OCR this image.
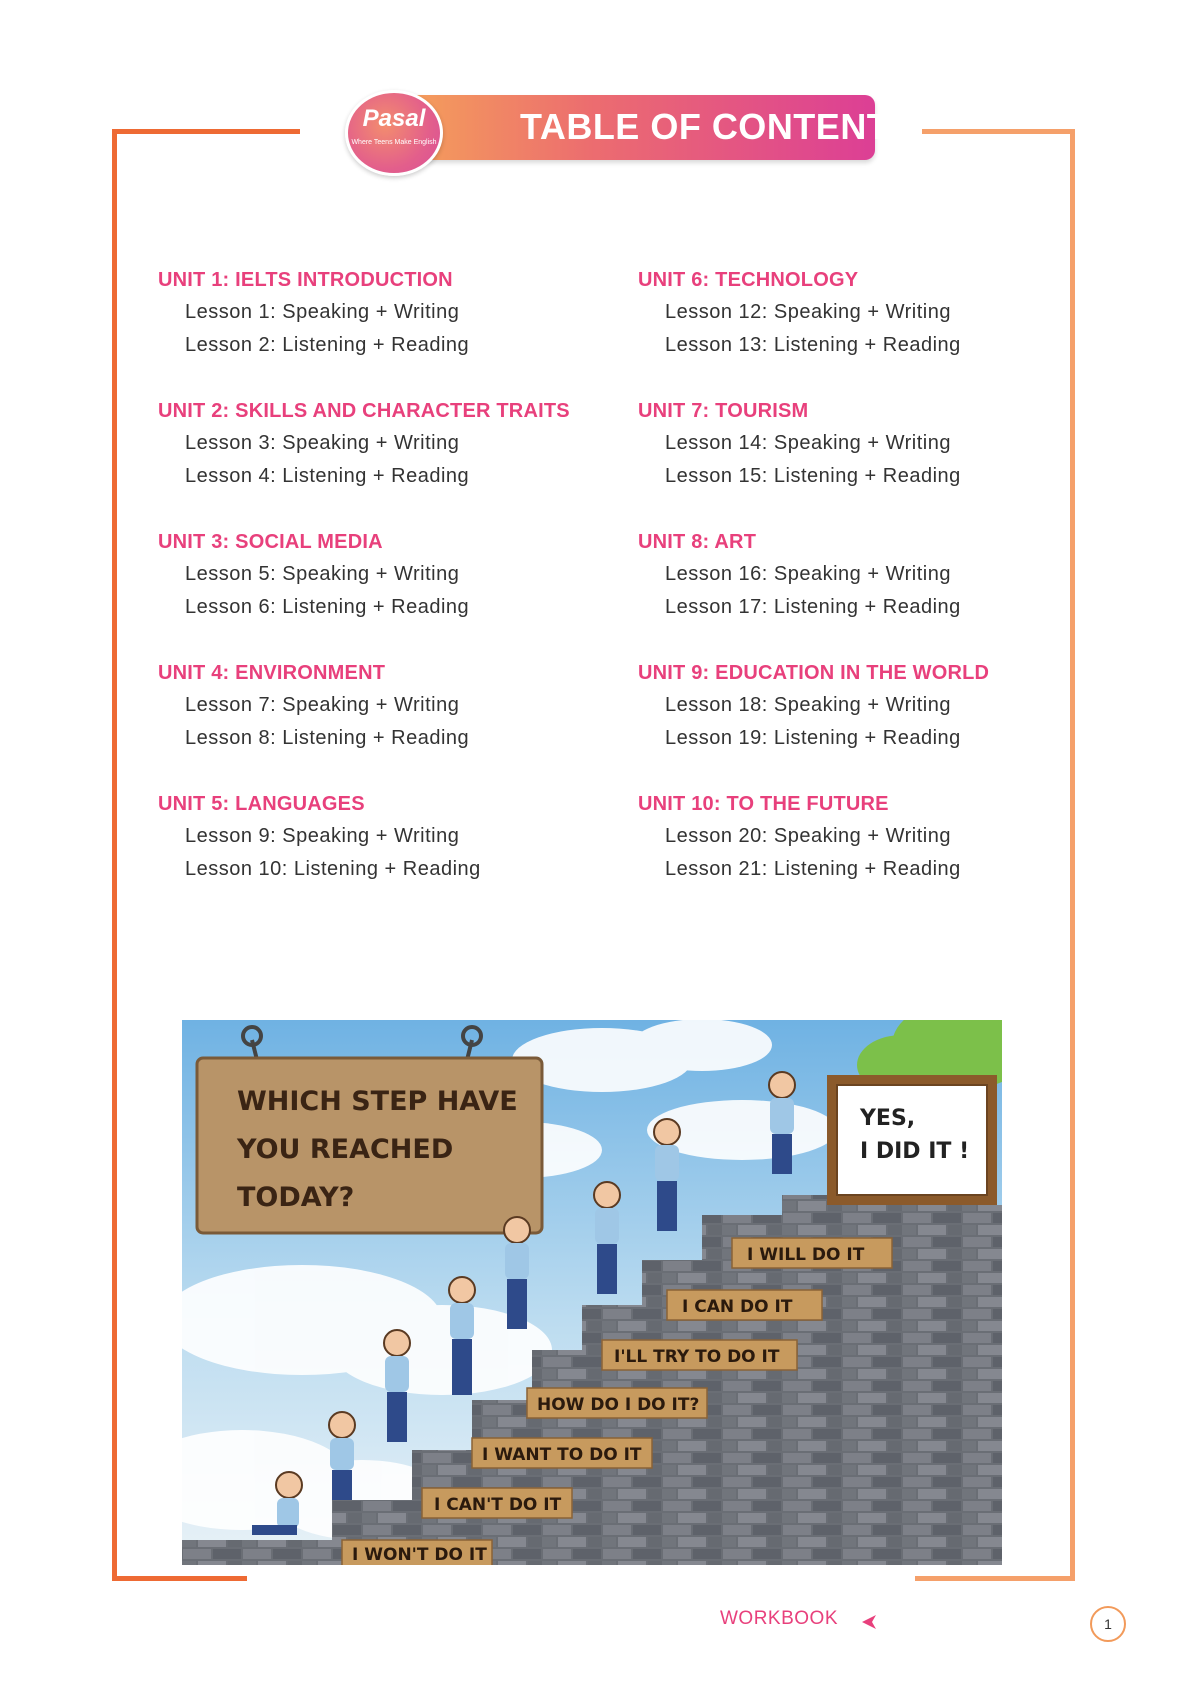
TABLE OF CONTENTS
Pasal
Where Teens Make English
UNIT 1: IELTS INTRODUCTION
Lesson 1: Speaking + Writing
Lesson 2: Listening + Reading
UNIT 2: SKILLS AND CHARACTER TRAITS
Lesson 3: Speaking + Writing
Lesson 4: Listening + Reading
UNIT 3: SOCIAL MEDIA
Lesson 5: Speaking + Writing
Lesson 6: Listening + Reading
UNIT 4: ENVIRONMENT
Lesson 7: Speaking + Writing
Lesson 8: Listening + Reading
UNIT 5: LANGUAGES
Lesson 9: Speaking + Writing
Lesson 10: Listening + Reading
UNIT 6: TECHNOLOGY
Lesson 12: Speaking + Writing
Lesson 13: Listening + Reading
UNIT 7: TOURISM
Lesson 14: Speaking + Writing
Lesson 15: Listening + Reading
UNIT 8: ART
Lesson 16: Speaking + Writing
Lesson 17: Listening + Reading
UNIT 9: EDUCATION IN THE WORLD
Lesson 18: Speaking + Writing
Lesson 19: Listening + Reading
UNIT 10: TO THE FUTURE
Lesson 20: Speaking + Writing
Lesson 21: Listening + Reading
WHICH STEP HAVE
YOU REACHED
TODAY?
YES,
I DID IT !
I WON'T DO IT
I CAN'T DO IT
I WANT TO DO IT
HOW DO I DO IT?
I'LL TRY TO DO IT
I CAN DO IT
I WILL DO IT
WORKBOOK	1
